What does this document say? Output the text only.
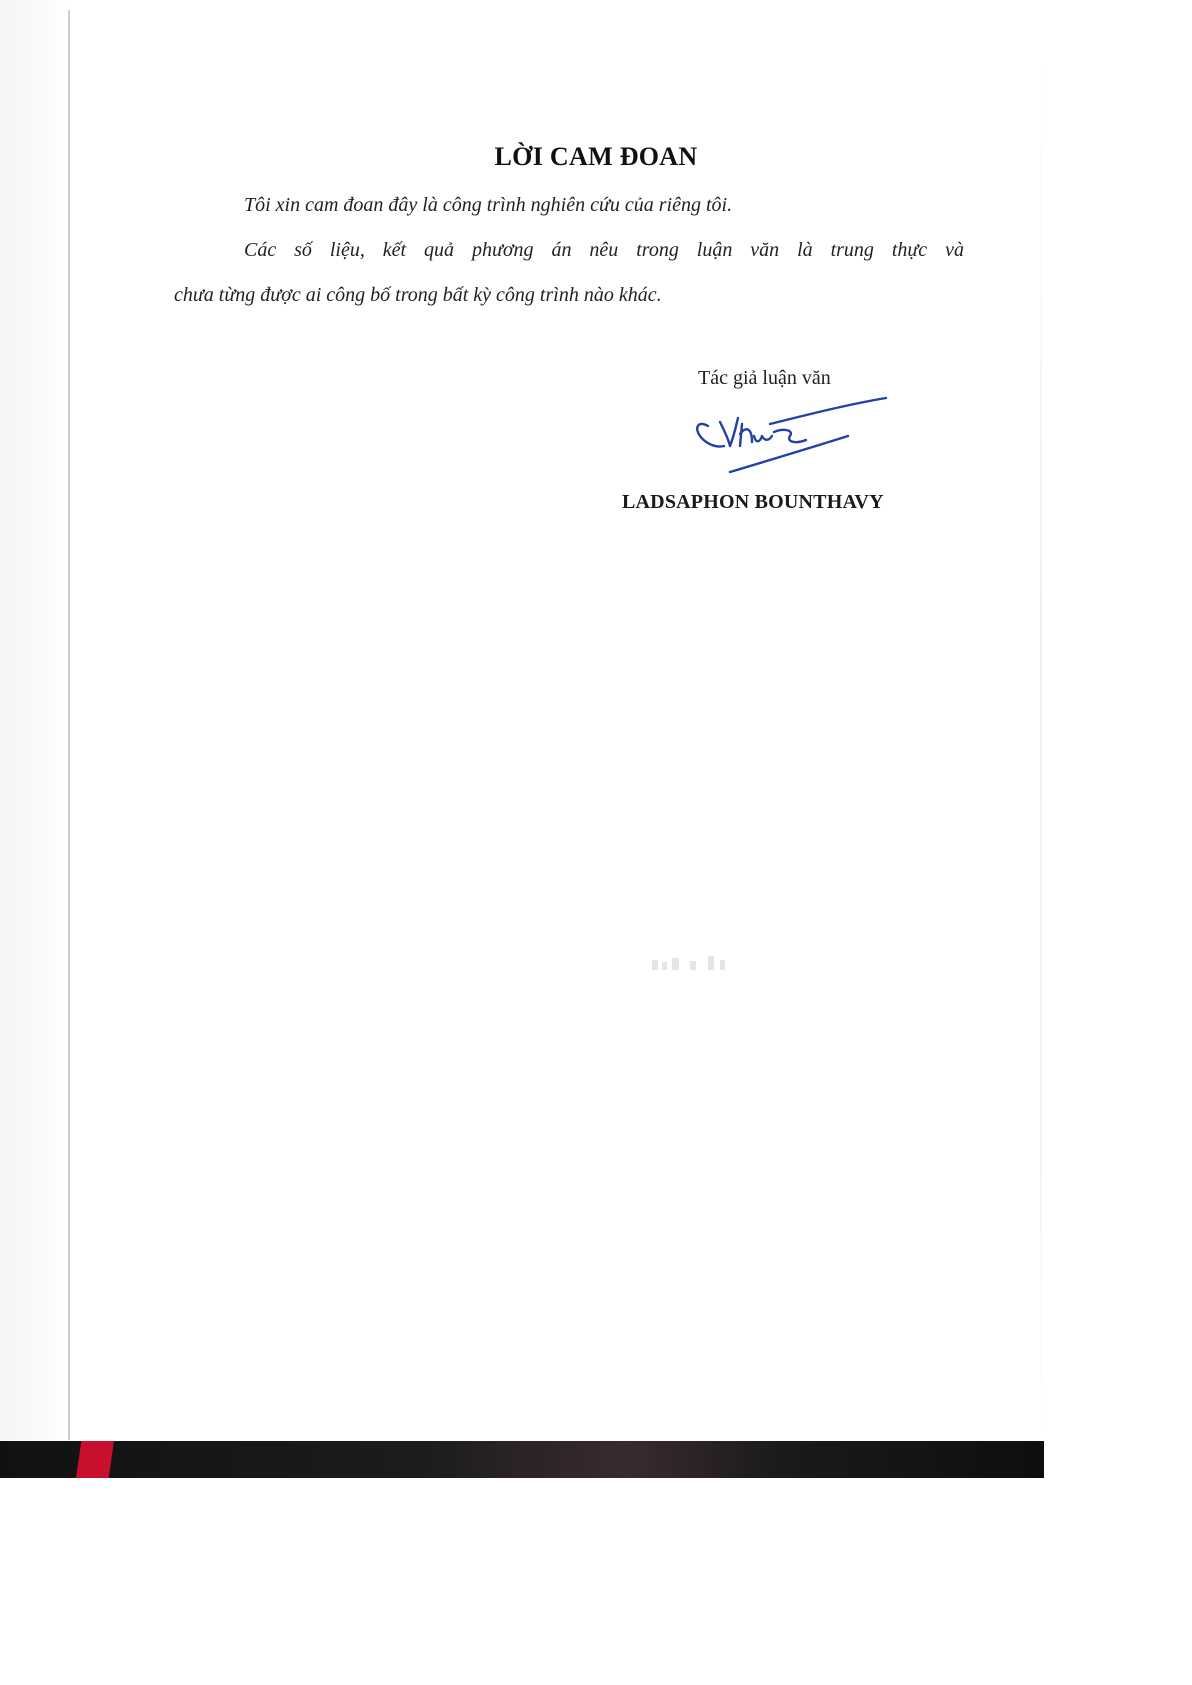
LỜI CAM ĐOAN
Tôi xin cam đoan đây là công trình nghiên cứu của riêng tôi.
Các số liệu, kết quả phương án nêu trong luận văn là trung thực và
chưa từng được ai công bố trong bất kỳ công trình nào khác.
Tác giả luận văn
LADSAPHON BOUNTHAVY
